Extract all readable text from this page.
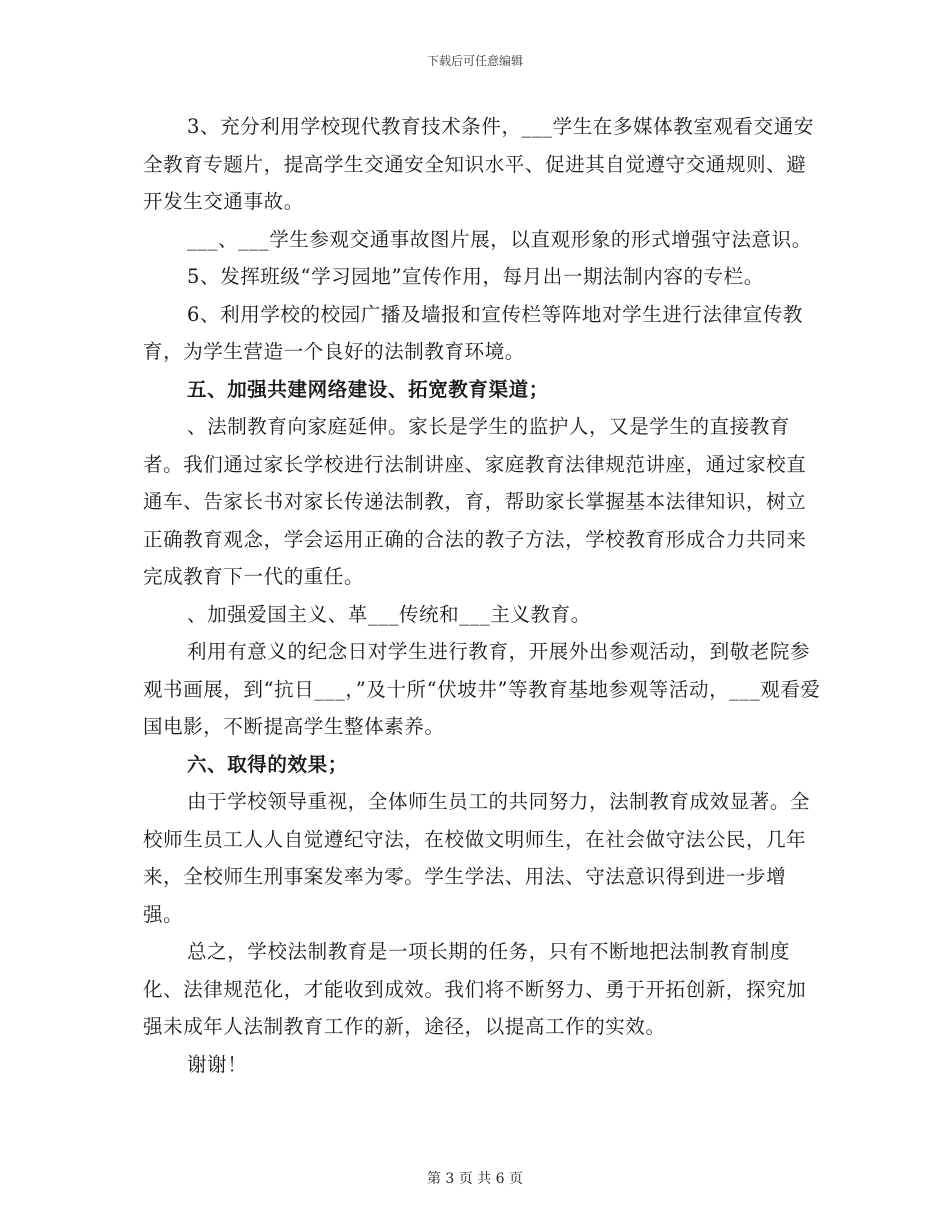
下载后可任意编辑

3、充分利用学校现代教育技术条件，___学生在多媒体教室观看交通安全教育专题片，提高学生交通安全知识水平、促进其自觉遵守交通规则、避开发生交通事故。

___、___学生参观交通事故图片展，以直观形象的形式增强守法意识。

5、发挥班级“学习园地”宣传作用，每月出一期法制内容的专栏。

6、利用学校的校园广播及墙报和宣传栏等阵地对学生进行法律宣传教育，为学生营造一个良好的法制教育环境。

五、加强共建网络建设、拓宽教育渠道；

、法制教育向家庭延伸。家长是学生的监护人，又是学生的直接教育者。我们通过家长学校进行法制讲座、家庭教育法律规范讲座，通过家校直通车、告家长书对家长传递法制教，育，帮助家长掌握基本法律知识，树立正确教育观念，学会运用正确的合法的教子方法，学校教育形成合力共同来完成教育下一代的重任。

、加强爱国主义、革___传统和___主义教育。

利用有意义的纪念日对学生进行教育，开展外出参观活动，到敬老院参观书画展，到“抗日___，”及十所“伏坡井”等教育基地参观等活动，___观看爱国电影，不断提高学生整体素养。

六、取得的效果；

由于学校领导重视，全体师生员工的共同努力，法制教育成效显著。全校师生员工人人自觉遵纪守法，在校做文明师生，在社会做守法公民，几年来，全校师生刑事案发率为零。学生学法、用法、守法意识得到进一步增强。

总之，学校法制教育是一项长期的任务，只有不断地把法制教育制度化、法律规范化，才能收到成效。我们将不断努力、勇于开拓创新，探究加强未成年人法制教育工作的新，途径，以提高工作的实效。

谢谢！

第 3 页 共 6 页
